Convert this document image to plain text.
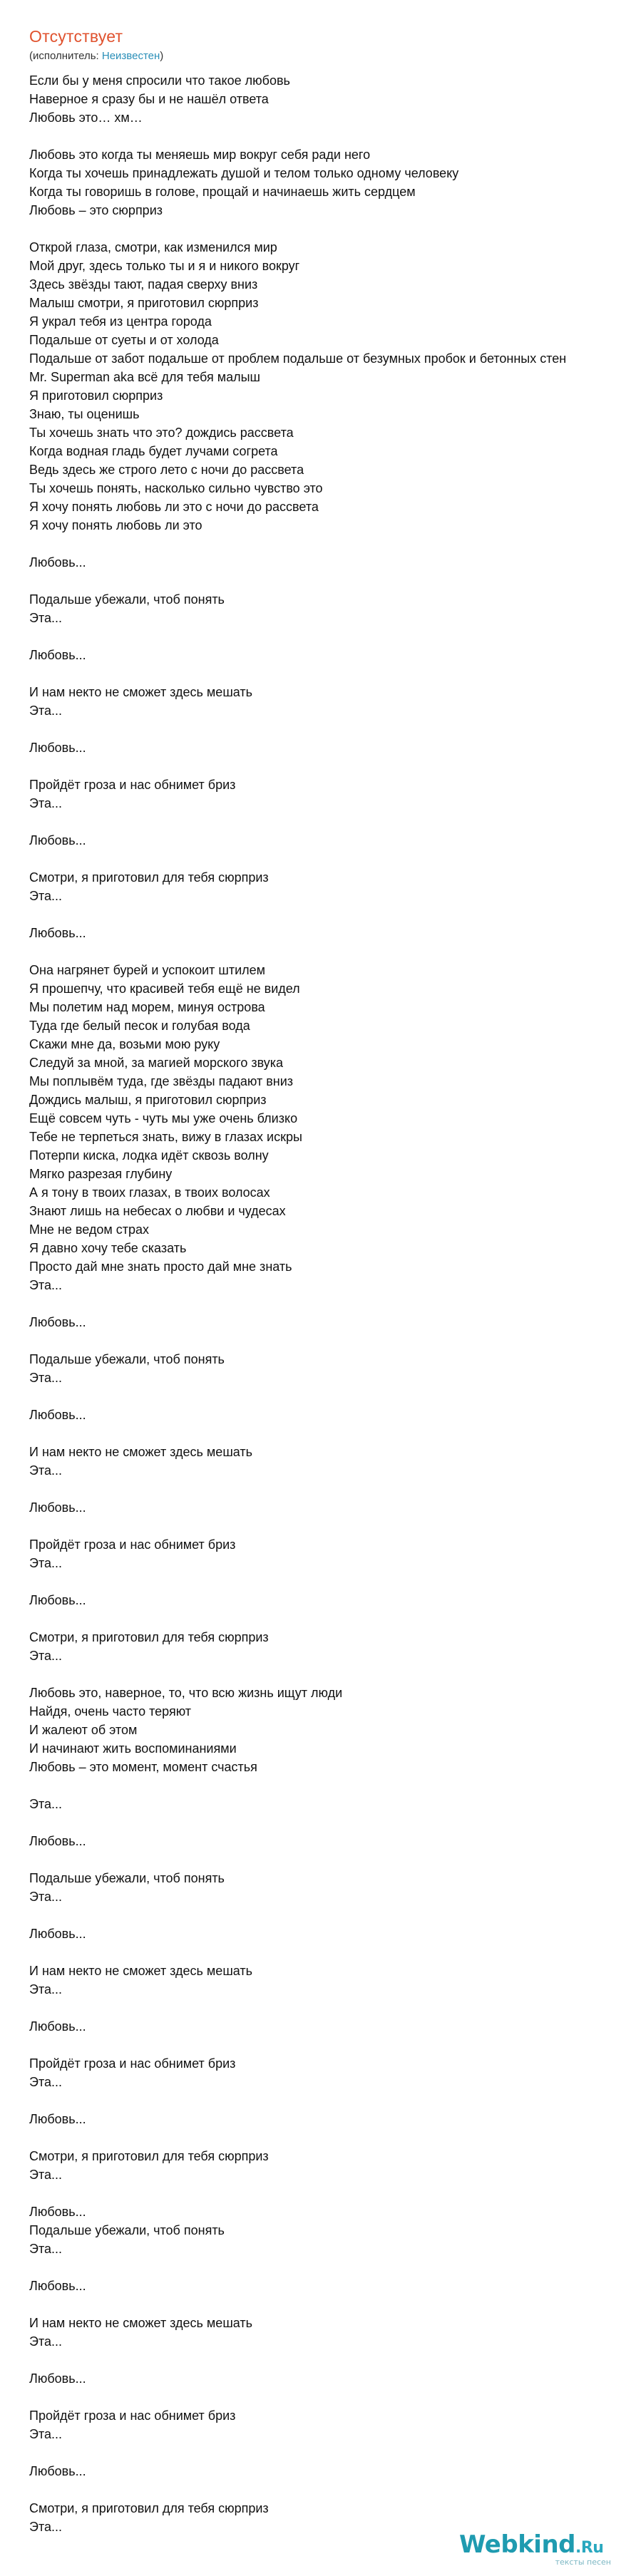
Отсутствует
(исполнитель: Неизвестен)
Если бы у меня спросили что такое любовь
Наверное я сразу бы и не нашёл ответа
Любовь это… хм…

Любовь это когда ты меняешь мир вокруг себя ради него
Когда ты хочешь принадлежать душой и телом только одному человеку
Когда ты говоришь в голове, прощай и начинаешь жить сердцем
Любовь – это сюрприз

Открой глаза, смотри, как изменился мир
Мой друг, здесь только ты и я и никого вокруг
Здесь звёзды тают, падая сверху вниз
Малыш смотри, я приготовил сюрприз
Я украл тебя из центра города
Подальше от суеты и от холода
Подальше от забот подальше от проблем подальше от безумных пробок и бетонных стен
Mr. Superman aka всё для тебя малыш
Я приготовил сюрприз
Знаю, ты оценишь
Ты хочешь знать что это? дождись рассвета
Когда водная гладь будет лучами согрета
Ведь здесь же строго лето с ночи до рассвета
Ты хочешь понять, насколько сильно чувство это
Я хочу понять любовь ли это с ночи до рассвета
Я хочу понять любовь ли это

Любовь...

Подальше убежали, чтоб понять
Эта...

Любовь...

И нам некто не сможет здесь мешать
Эта...

Любовь...

Пройдёт гроза и нас обнимет бриз
Эта...

Любовь...

Смотри, я приготовил для тебя сюрприз
Эта...

Любовь...

Она нагрянет бурей и успокоит штилем
Я прошепчу, что красивей тебя ещё не видел
Мы полетим над морем, минуя острова
Туда где белый песок и голубая вода
Скажи мне да, возьми мою руку
Следуй за мной, за магией морского звука
Мы поплывём туда, где звёзды падают вниз
Дождись малыш, я приготовил сюрприз
Ещё совсем чуть - чуть мы уже очень близко
Тебе не терпеться знать, вижу в глазах искры
Потерпи киска, лодка идёт сквозь волну
Мягко разрезая глубину
А я тону в твоих глазах, в твоих волосах
Знают лишь на небесах о любви и чудесах
Мне не ведом страх
Я давно хочу тебе сказать
Просто дай мне знать просто дай мне знать
Эта...

Любовь...

Подальше убежали, чтоб понять
Эта...

Любовь...

И нам некто не сможет здесь мешать
Эта...

Любовь...

Пройдёт гроза и нас обнимет бриз
Эта...

Любовь...

Смотри, я приготовил для тебя сюрприз
Эта...

Любовь это, наверное, то, что всю жизнь ищут люди
Найдя, очень часто теряют
И жалеют об этом
И начинают жить воспоминаниями
Любовь – это момент, момент счастья

Эта...

Любовь...

Подальше убежали, чтоб понять
Эта...

Любовь...

И нам некто не сможет здесь мешать
Эта...

Любовь...

Пройдёт гроза и нас обнимет бриз
Эта...

Любовь...

Смотри, я приготовил для тебя сюрприз
Эта...

Любовь...
Подальше убежали, чтоб понять
Эта...

Любовь...

И нам некто не сможет здесь мешать
Эта...

Любовь...

Пройдёт гроза и нас обнимет бриз
Эта...

Любовь...

Смотри, я приготовил для тебя сюрприз
Эта...
Webkind.Ru
тексты песен
